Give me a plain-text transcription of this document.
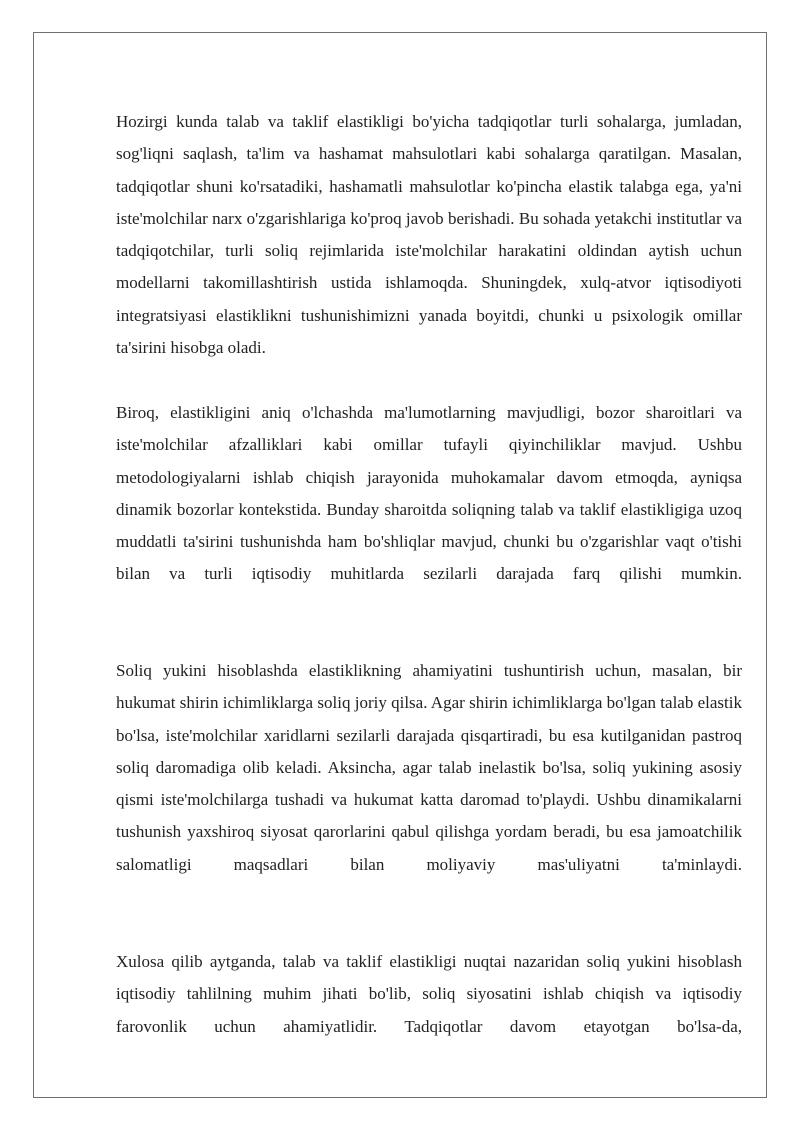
Hozirgi kunda talab va taklif elastikligi bo'yicha tadqiqotlar turli sohalarga, jumladan, sog'liqni saqlash, ta'lim va hashamat mahsulotlari kabi sohalarga qaratilgan. Masalan, tadqiqotlar shuni ko'rsatadiki, hashamatli mahsulotlar ko'pincha elastik talabga ega, ya'ni iste'molchilar narx o'zgarishlariga ko'proq javob berishadi. Bu sohada yetakchi institutlar va tadqiqotchilar, turli soliq rejimlarida iste'molchilar harakatini oldindan aytish uchun modellarni takomillashtirish ustida ishlamoqda. Shuningdek, xulq-atvor iqtisodiyoti integratsiyasi elastiklikni tushunishimizni yanada boyitdi, chunki u psixologik omillar ta'sirini hisobga oladi.

Biroq, elastikligini aniq o'lchashda ma'lumotlarning mavjudligi, bozor sharoitlari va iste'molchilar afzalliklari kabi omillar tufayli qiyinchiliklar mavjud. Ushbu metodologiyalarni ishlab chiqish jarayonida muhokamalar davom etmoqda, ayniqsa dinamik bozorlar kontekstida. Bunday sharoitda soliqning talab va taklif elastikligiga uzoq muddatli ta'sirini tushunishda ham bo'shliqlar mavjud, chunki bu o'zgarishlar vaqt o'tishi bilan va turli iqtisodiy muhitlarda sezilarli darajada farq qilishi mumkin.

Soliq yukini hisoblashda elastiklikning ahamiyatini tushuntirish uchun, masalan, bir hukumat shirin ichimliklarga soliq joriy qilsa. Agar shirin ichimliklarga bo'lgan talab elastik bo'lsa, iste'molchilar xaridlarni sezilarli darajada qisqartiradi, bu esa kutilganidan pastroq soliq daromadiga olib keladi. Aksincha, agar talab inelastik bo'lsa, soliq yukining asosiy qismi iste'molchilarga tushadi va hukumat katta daromad to'playdi. Ushbu dinamikalarni tushunish yaxshiroq siyosat qarorlarini qabul qilishga yordam beradi, bu esa jamoatchilik salomatligi maqsadlari bilan moliyaviy mas'uliyatni ta'minlaydi.

Xulosa qilib aytganda, talab va taklif elastikligi nuqtai nazaridan soliq yukini hisoblash iqtisodiy tahlilning muhim jihati bo'lib, soliq siyosatini ishlab chiqish va iqtisodiy farovonlik uchun ahamiyatlidir. Tadqiqotlar davom etayotgan bo'lsa-da,
